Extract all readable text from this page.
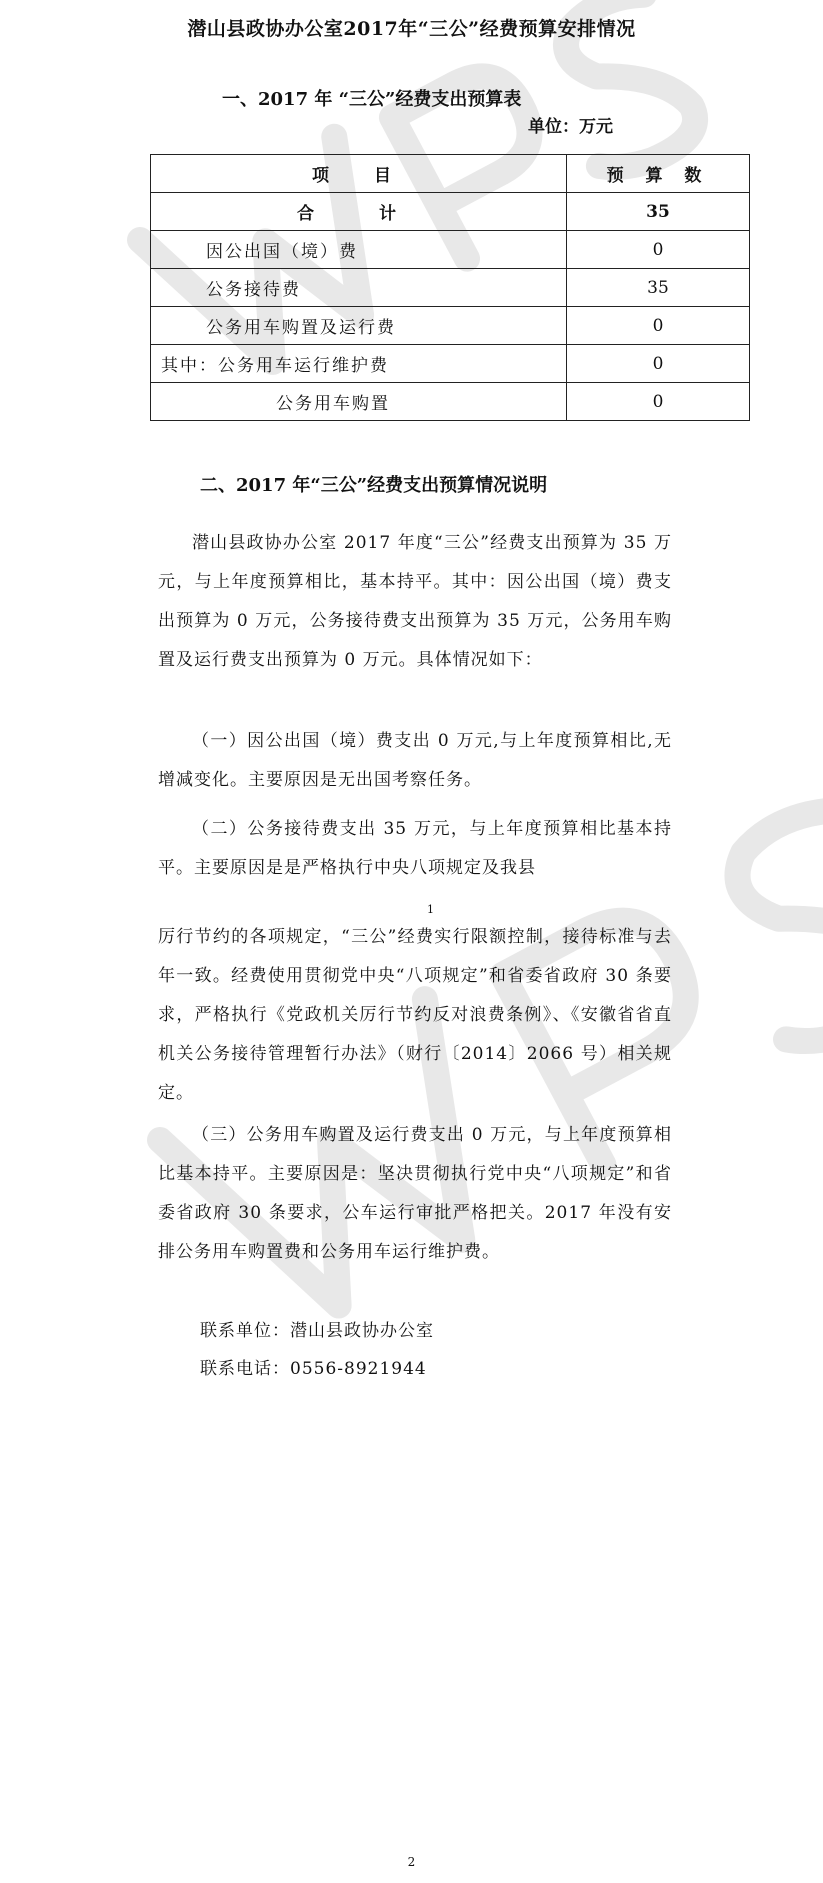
潜山县政协办公室2017年“三公”经费预算安排情况
一、2017 年 “三公”经费支出预算表
单位：万元
项　目	预 算 数
合　计	35
因公出国（境）费	0
公务接待费	35
公务用车购置及运行费	0
其中：公务用车运行维护费	0
公务用车购置	0
二、2017 年“三公”经费支出预算情况说明

潜山县政协办公室 2017 年度“三公”经费支出预算为 35 万元，与上年度预算相比，基本持平。其中：因公出国（境）费支出预算为 0 万元，公务接待费支出预算为 35 万元，公务用车购置及运行费支出预算为 0 万元。具体情况如下：

（一）因公出国（境）费支出 0 万元,与上年度预算相比,无增减变化。主要原因是无出国考察任务。

（二）公务接待费支出 35 万元，与上年度预算相比基本持平。主要原因是是严格执行中央八项规定及我县

1

厉行节约的各项规定，“三公”经费实行限额控制，接待标准与去年一致。经费使用贯彻党中央“八项规定”和省委省政府 30 条要求，严格执行《党政机关厉行节约反对浪费条例》、《安徽省省直机关公务接待管理暂行办法》（财行〔2014〕2066 号）相关规定。

（三）公务用车购置及运行费支出 0 万元，与上年度预算相比基本持平。主要原因是：坚决贯彻执行党中央“八项规定”和省委省政府 30 条要求，公车运行审批严格把关。2017 年没有安排公务用车购置费和公务用车运行维护费。

联系单位：潜山县政协办公室
联系电话：0556-8921944
2
